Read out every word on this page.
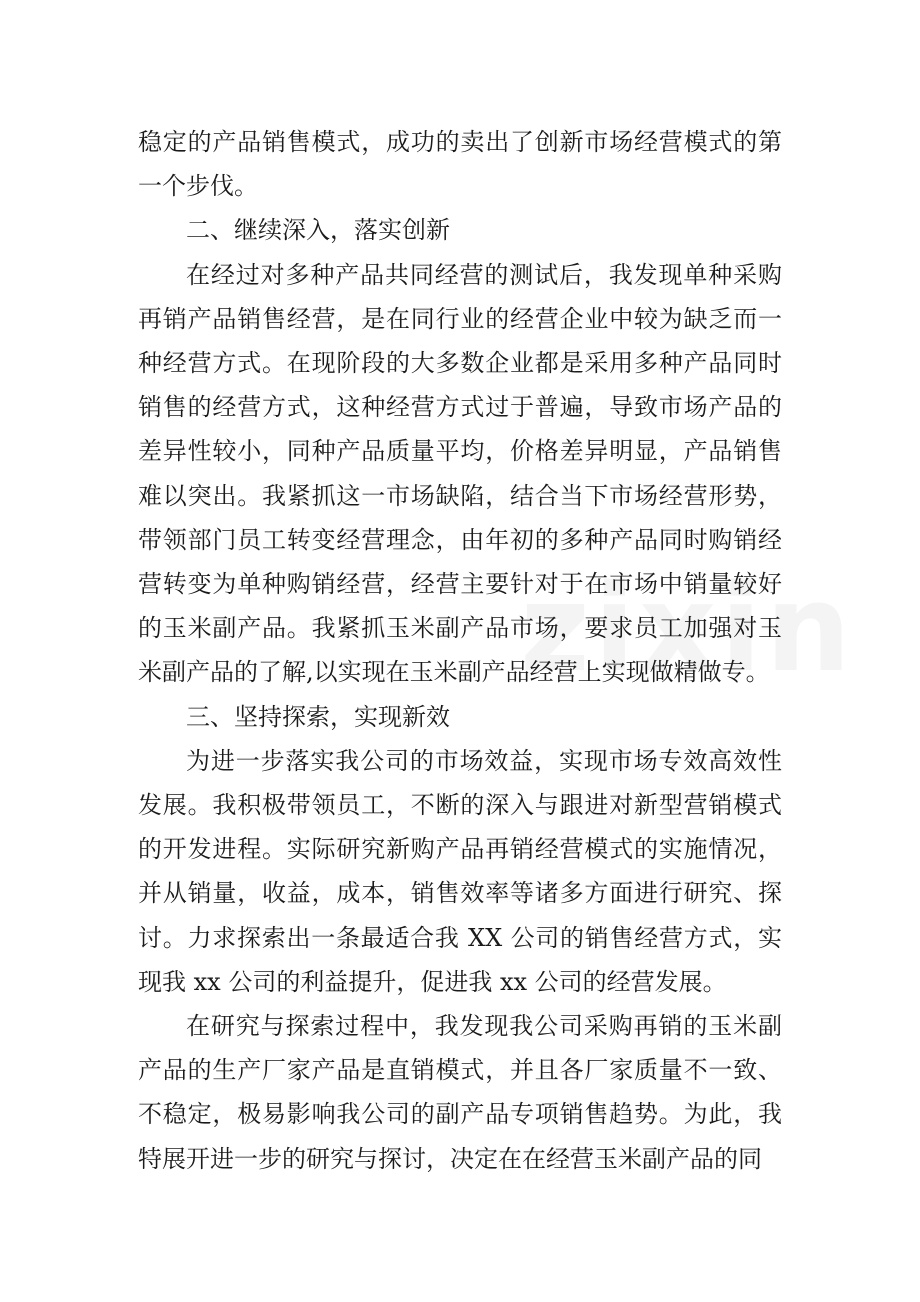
稳定的产品销售模式，成功的卖出了创新市场经营模式的第一个步伐。

二、继续深入，落实创新

在经过对多种产品共同经营的测试后，我发现单种采购再销产品销售经营，是在同行业的经营企业中较为缺乏而一种经营方式。在现阶段的大多数企业都是采用多种产品同时销售的经营方式，这种经营方式过于普遍，导致市场产品的差异性较小，同种产品质量平均，价格差异明显，产品销售难以突出。我紧抓这一市场缺陷，结合当下市场经营形势，带领部门员工转变经营理念，由年初的多种产品同时购销经营转变为单种购销经营，经营主要针对于在市场中销量较好的玉米副产品。我紧抓玉米副产品市场，要求员工加强对玉米副产品的了解,以实现在玉米副产品经营上实现做精做专。

三、坚持探索，实现新效

为进一步落实我公司的市场效益，实现市场专效高效性发展。我积极带领员工，不断的深入与跟进对新型营销模式的开发进程。实际研究新购产品再销经营模式的实施情况，并从销量，收益，成本，销售效率等诸多方面进行研究、探讨。力求探索出一条最适合我 XX 公司的销售经营方式，实现我 xx 公司的利益提升，促进我 xx 公司的经营发展。

在研究与探索过程中，我发现我公司采购再销的玉米副产品的生产厂家产品是直销模式，并且各厂家质量不一致、不稳定，极易影响我公司的副产品专项销售趋势。为此，我特展开进一步的研究与探讨，决定在在经营玉米副产品的同
